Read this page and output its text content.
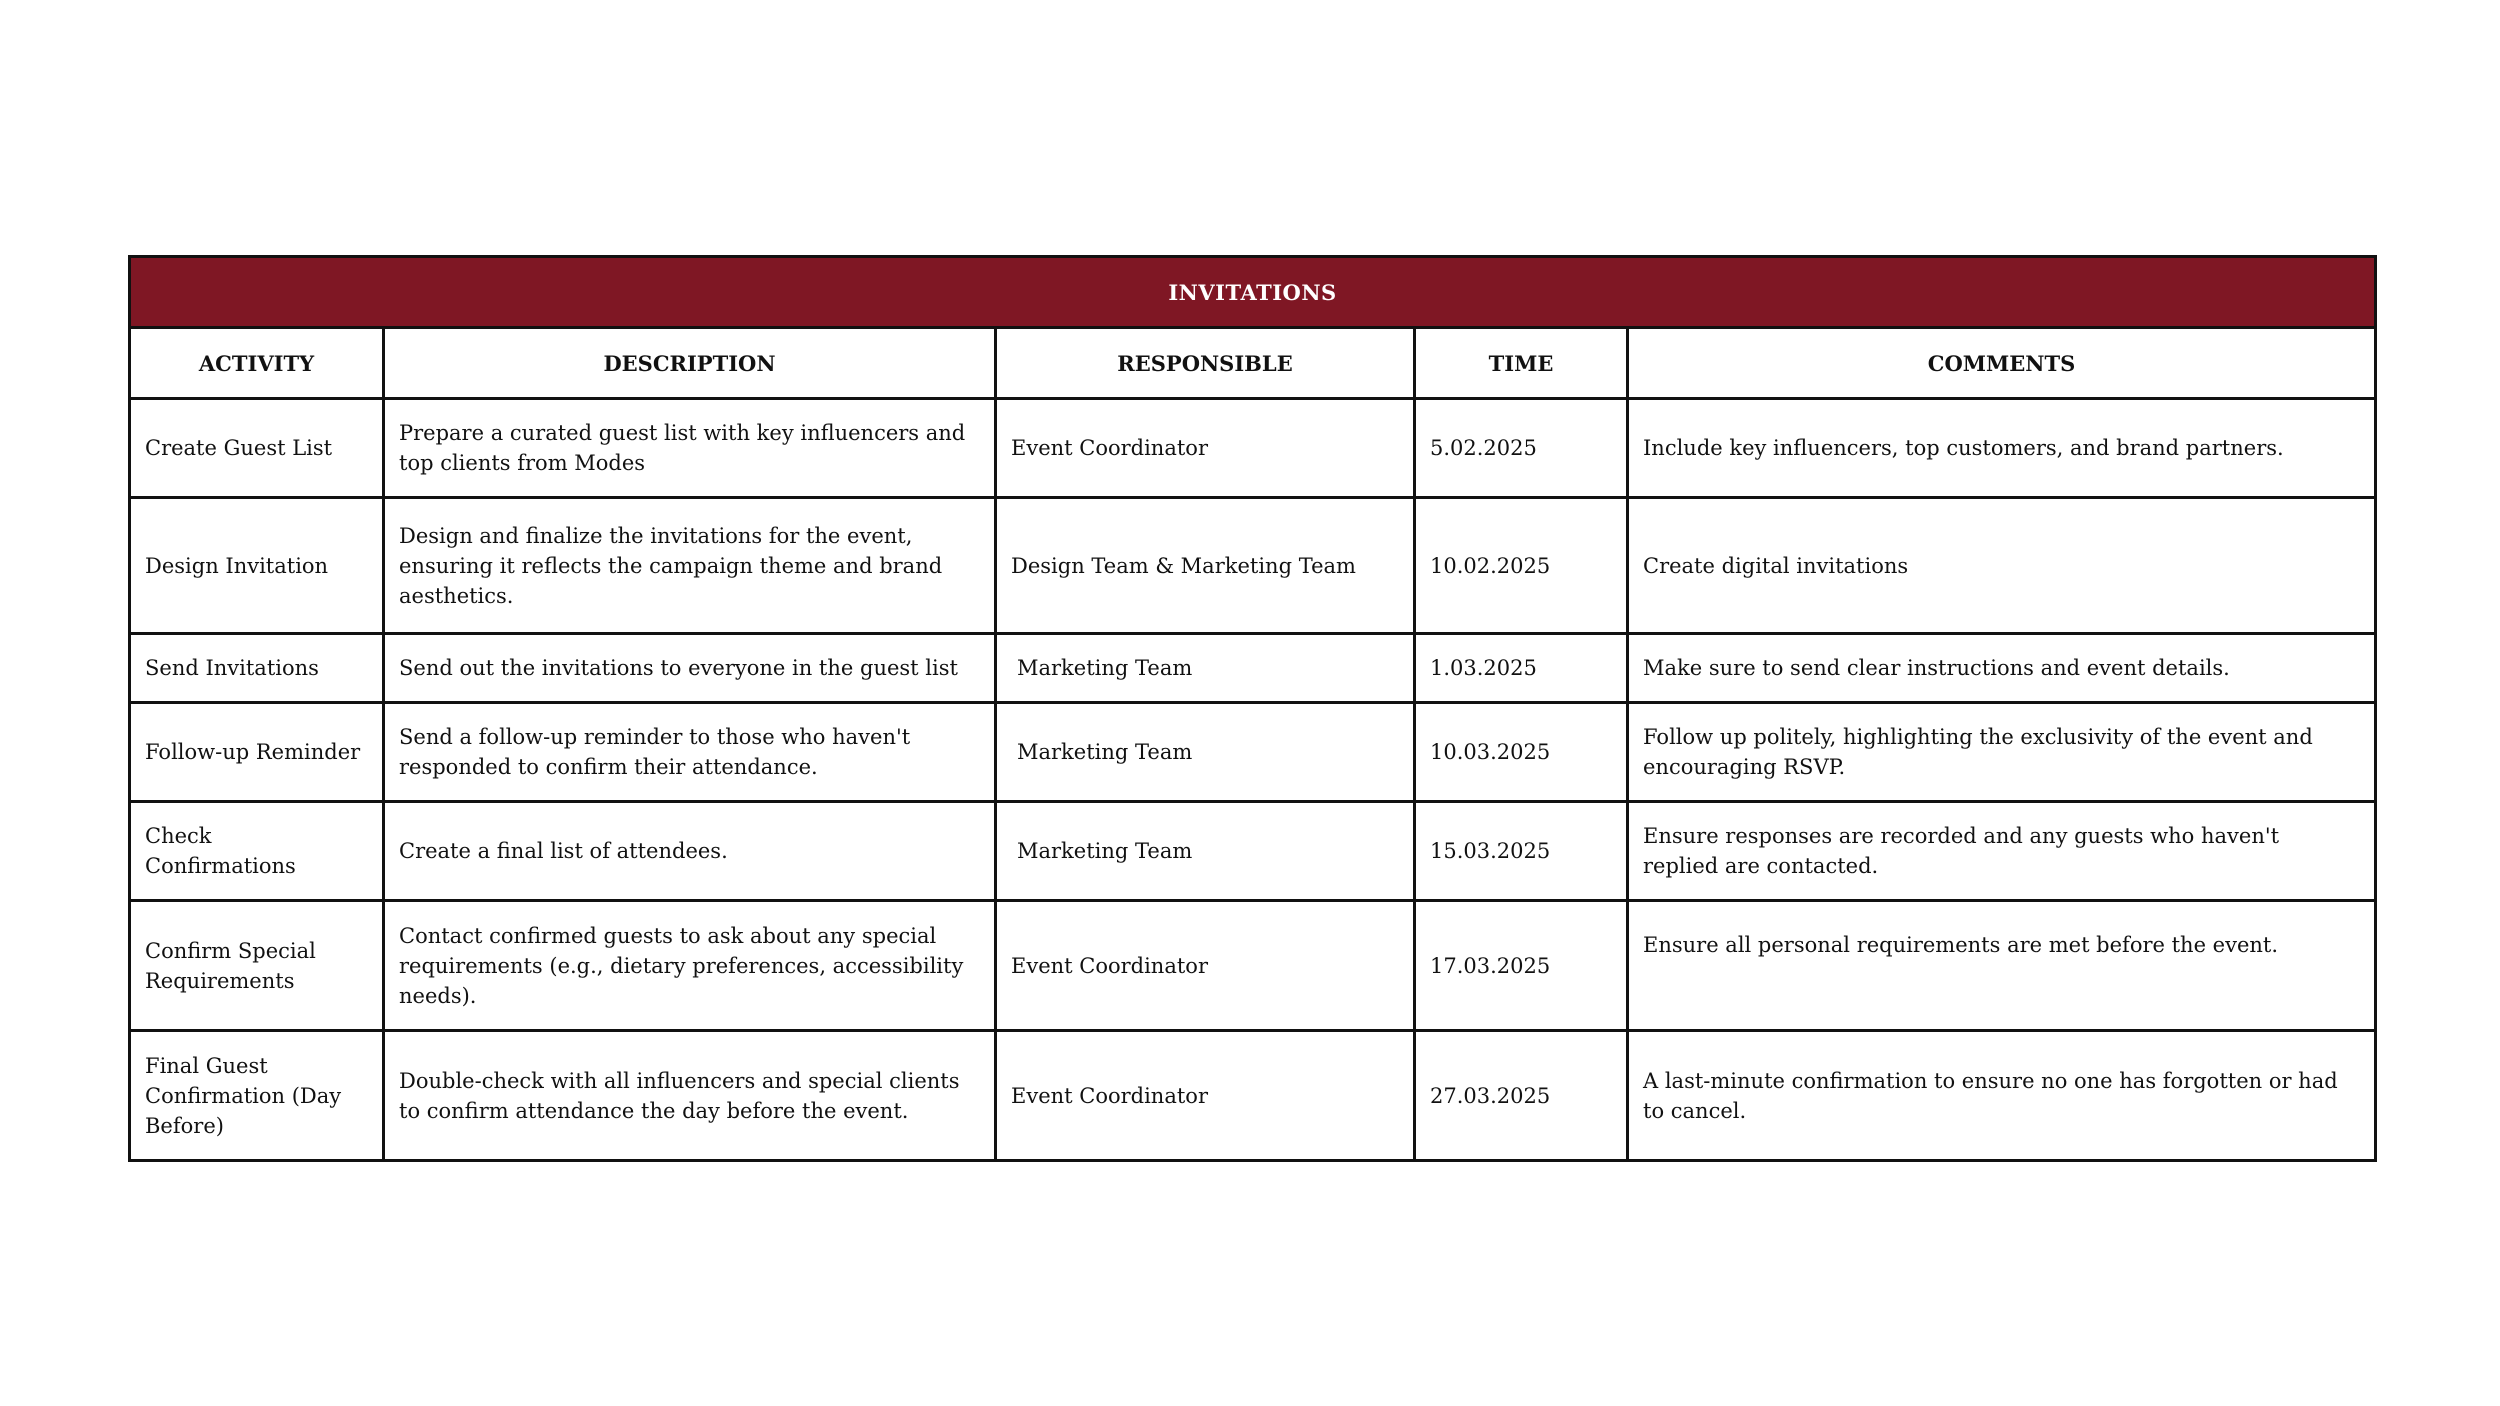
INVITATIONS				
ACTIVITY	DESCRIPTION	RESPONSIBLE	TIME	COMMENTS
Create Guest List	Prepare a curated guest list with key influencers and top clients from Modes	Event Coordinator	5.02.2025	Include key influencers, top customers, and brand partners.
Design Invitation	Design and finalize the invitations for the event, ensuring it reflects the campaign theme and brand aesthetics.	Design Team & Marketing Team	10.02.2025	Create digital invitations
Send Invitations	Send out the invitations to everyone in the guest list	Marketing Team	1.03.2025	Make sure to send clear instructions and event details.
Follow-up Reminder	Send a follow-up reminder to those who haven't responded to confirm their attendance.	Marketing Team	10.03.2025	Follow up politely, highlighting the exclusivity of the event and encouraging RSVP.
Check Confirmations	Create a final list of attendees.	Marketing Team	15.03.2025	Ensure responses are recorded and any guests who haven't replied are contacted.
Confirm Special Requirements	Contact confirmed guests to ask about any special requirements (e.g., dietary preferences, accessibility needs).	Event Coordinator	17.03.2025	Ensure all personal requirements are met before the event.
Final Guest Confirmation (Day Before)	Double-check with all influencers and special clients to confirm attendance the day before the event.	Event Coordinator	27.03.2025	A last-minute confirmation to ensure no one has forgotten or had to cancel.
